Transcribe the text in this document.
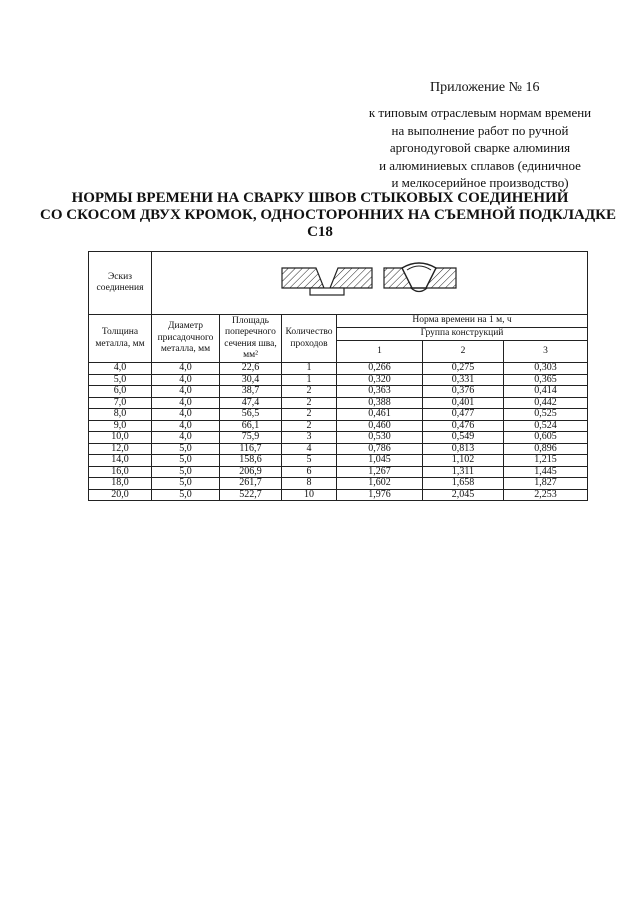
Приложение № 16
к типовым отраслевым нормам времени
на выполнение работ по ручной
аргонодуговой сварке алюминия
и алюминиевых сплавов (единичное
и мелкосерийное производство)
НОРМЫ ВРЕМЕНИ НА СВАРКУ ШВОВ СТЫКОВЫХ СОЕДИНЕНИЙ
СО СКОСОМ ДВУХ КРОМОК, ОДНОСТОРОННИХ НА СЪЕМНОЙ ПОДКЛАДКЕ
С18
Эскиз соединения	

Толщина металла, мм	Диаметр присадочного металла, мм	Площадь поперечного сечения шва, мм²	Количество проходов	Норма времени на 1 м, ч		
				Группа конструкций		
				1	2	3
4,0	4,0	22,6	1	0,266	0,275	0,303
5,0	4,0	30,4	1	0,320	0,331	0,365
6,0	4,0	38,7	2	0,363	0,376	0,414
7,0	4,0	47,4	2	0,388	0,401	0,442
8,0	4,0	56,5	2	0,461	0,477	0,525
9,0	4,0	66,1	2	0,460	0,476	0,524
10,0	4,0	75,9	3	0,530	0,549	0,605
12,0	5,0	116,7	4	0,786	0,813	0,896
14,0	5,0	158,6	5	1,045	1,102	1,215
16,0	5,0	206,9	6	1,267	1,311	1,445
18,0	5,0	261,7	8	1,602	1,658	1,827
20,0	5,0	522,7	10	1,976	2,045	2,253
